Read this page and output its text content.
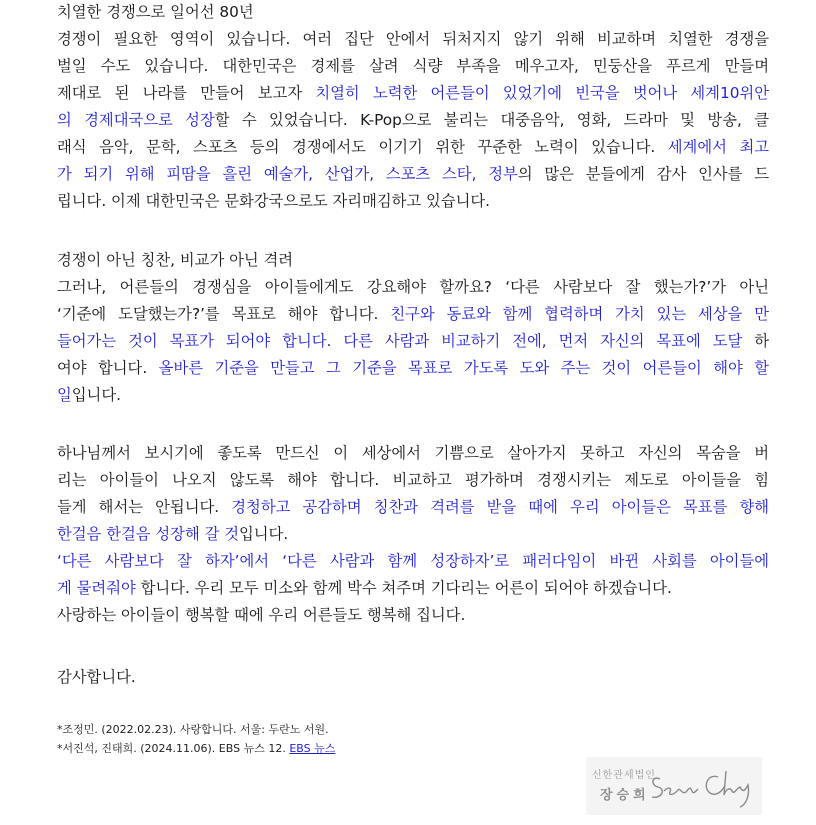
치열한 경쟁으로 일어선 80년
경쟁이 필요한 영역이 있습니다. 여러 집단 안에서 뒤처지지 않기 위해 비교하며 치열한 경쟁을
벌일 수도 있습니다. 대한민국은 경제를 살려 식량 부족을 메우고자, 민둥산을 푸르게 만들며
제대로 된 나라를 만들어 보고자 치열히 노력한 어른들이 있었기에 빈국을 벗어나 세계10위안
의 경제대국으로 성장할 수 있었습니다. K-Pop으로 불리는 대중음악, 영화, 드라마 및 방송, 클
래식 음악, 문학, 스포츠 등의 경쟁에서도 이기기 위한 꾸준한 노력이 있습니다. 세계에서 최고
가 되기 위해 피땀을 흘린 예술가, 산업가, 스포츠 스타, 정부의 많은 분들에게 감사 인사를 드
립니다. 이제 대한민국은 문화강국으로도 자리매김하고 있습니다.
경쟁이 아닌 칭찬, 비교가 아닌 격려
그러나, 어른들의 경쟁심을 아이들에게도 강요해야 할까요? ‘다른 사람보다 잘 했는가?’가 아닌
‘기준에 도달했는가?’를 목표로 해야 합니다. 친구와 동료와 함께 협력하며 가치 있는 세상을 만
들어가는 것이 목표가 되어야 합니다. 다른 사람과 비교하기 전에, 먼저 자신의 목표에 도달 하
여야 합니다. 올바른 기준을 만들고 그 기준을 목표로 가도록 도와 주는 것이 어른들이 해야 할
일입니다.
하나님께서 보시기에 좋도록 만드신 이 세상에서 기쁨으로 살아가지 못하고 자신의 목숨을 버
리는 아이들이 나오지 않도록 해야 합니다. 비교하고 평가하며 경쟁시키는 제도로 아이들을 힘
들게 해서는 안됩니다. 경청하고 공감하며 칭찬과 격려를 받을 때에 우리 아이들은 목표를 향해
한걸음 한걸음 성장해 갈 것입니다.
‘다른 사람보다 잘 하자’에서 ‘다른 사람과 함께 성장하자’로 패러다임이 바뀐 사회를 아이들에
게 물려줘야 합니다. 우리 모두 미소와 함께 박수 쳐주며 기다리는 어른이 되어야 하겠습니다.
사랑하는 아이들이 행복할 때에 우리 어른들도 행복해 집니다.
감사합니다.
*조정민. (2022.02.23). 사랑합니다. 서울: 두란노 서원.
*서진석, 진태희. (2024.11.06). EBS 뉴스 12. EBS 뉴스
신한관세법인
장승희
